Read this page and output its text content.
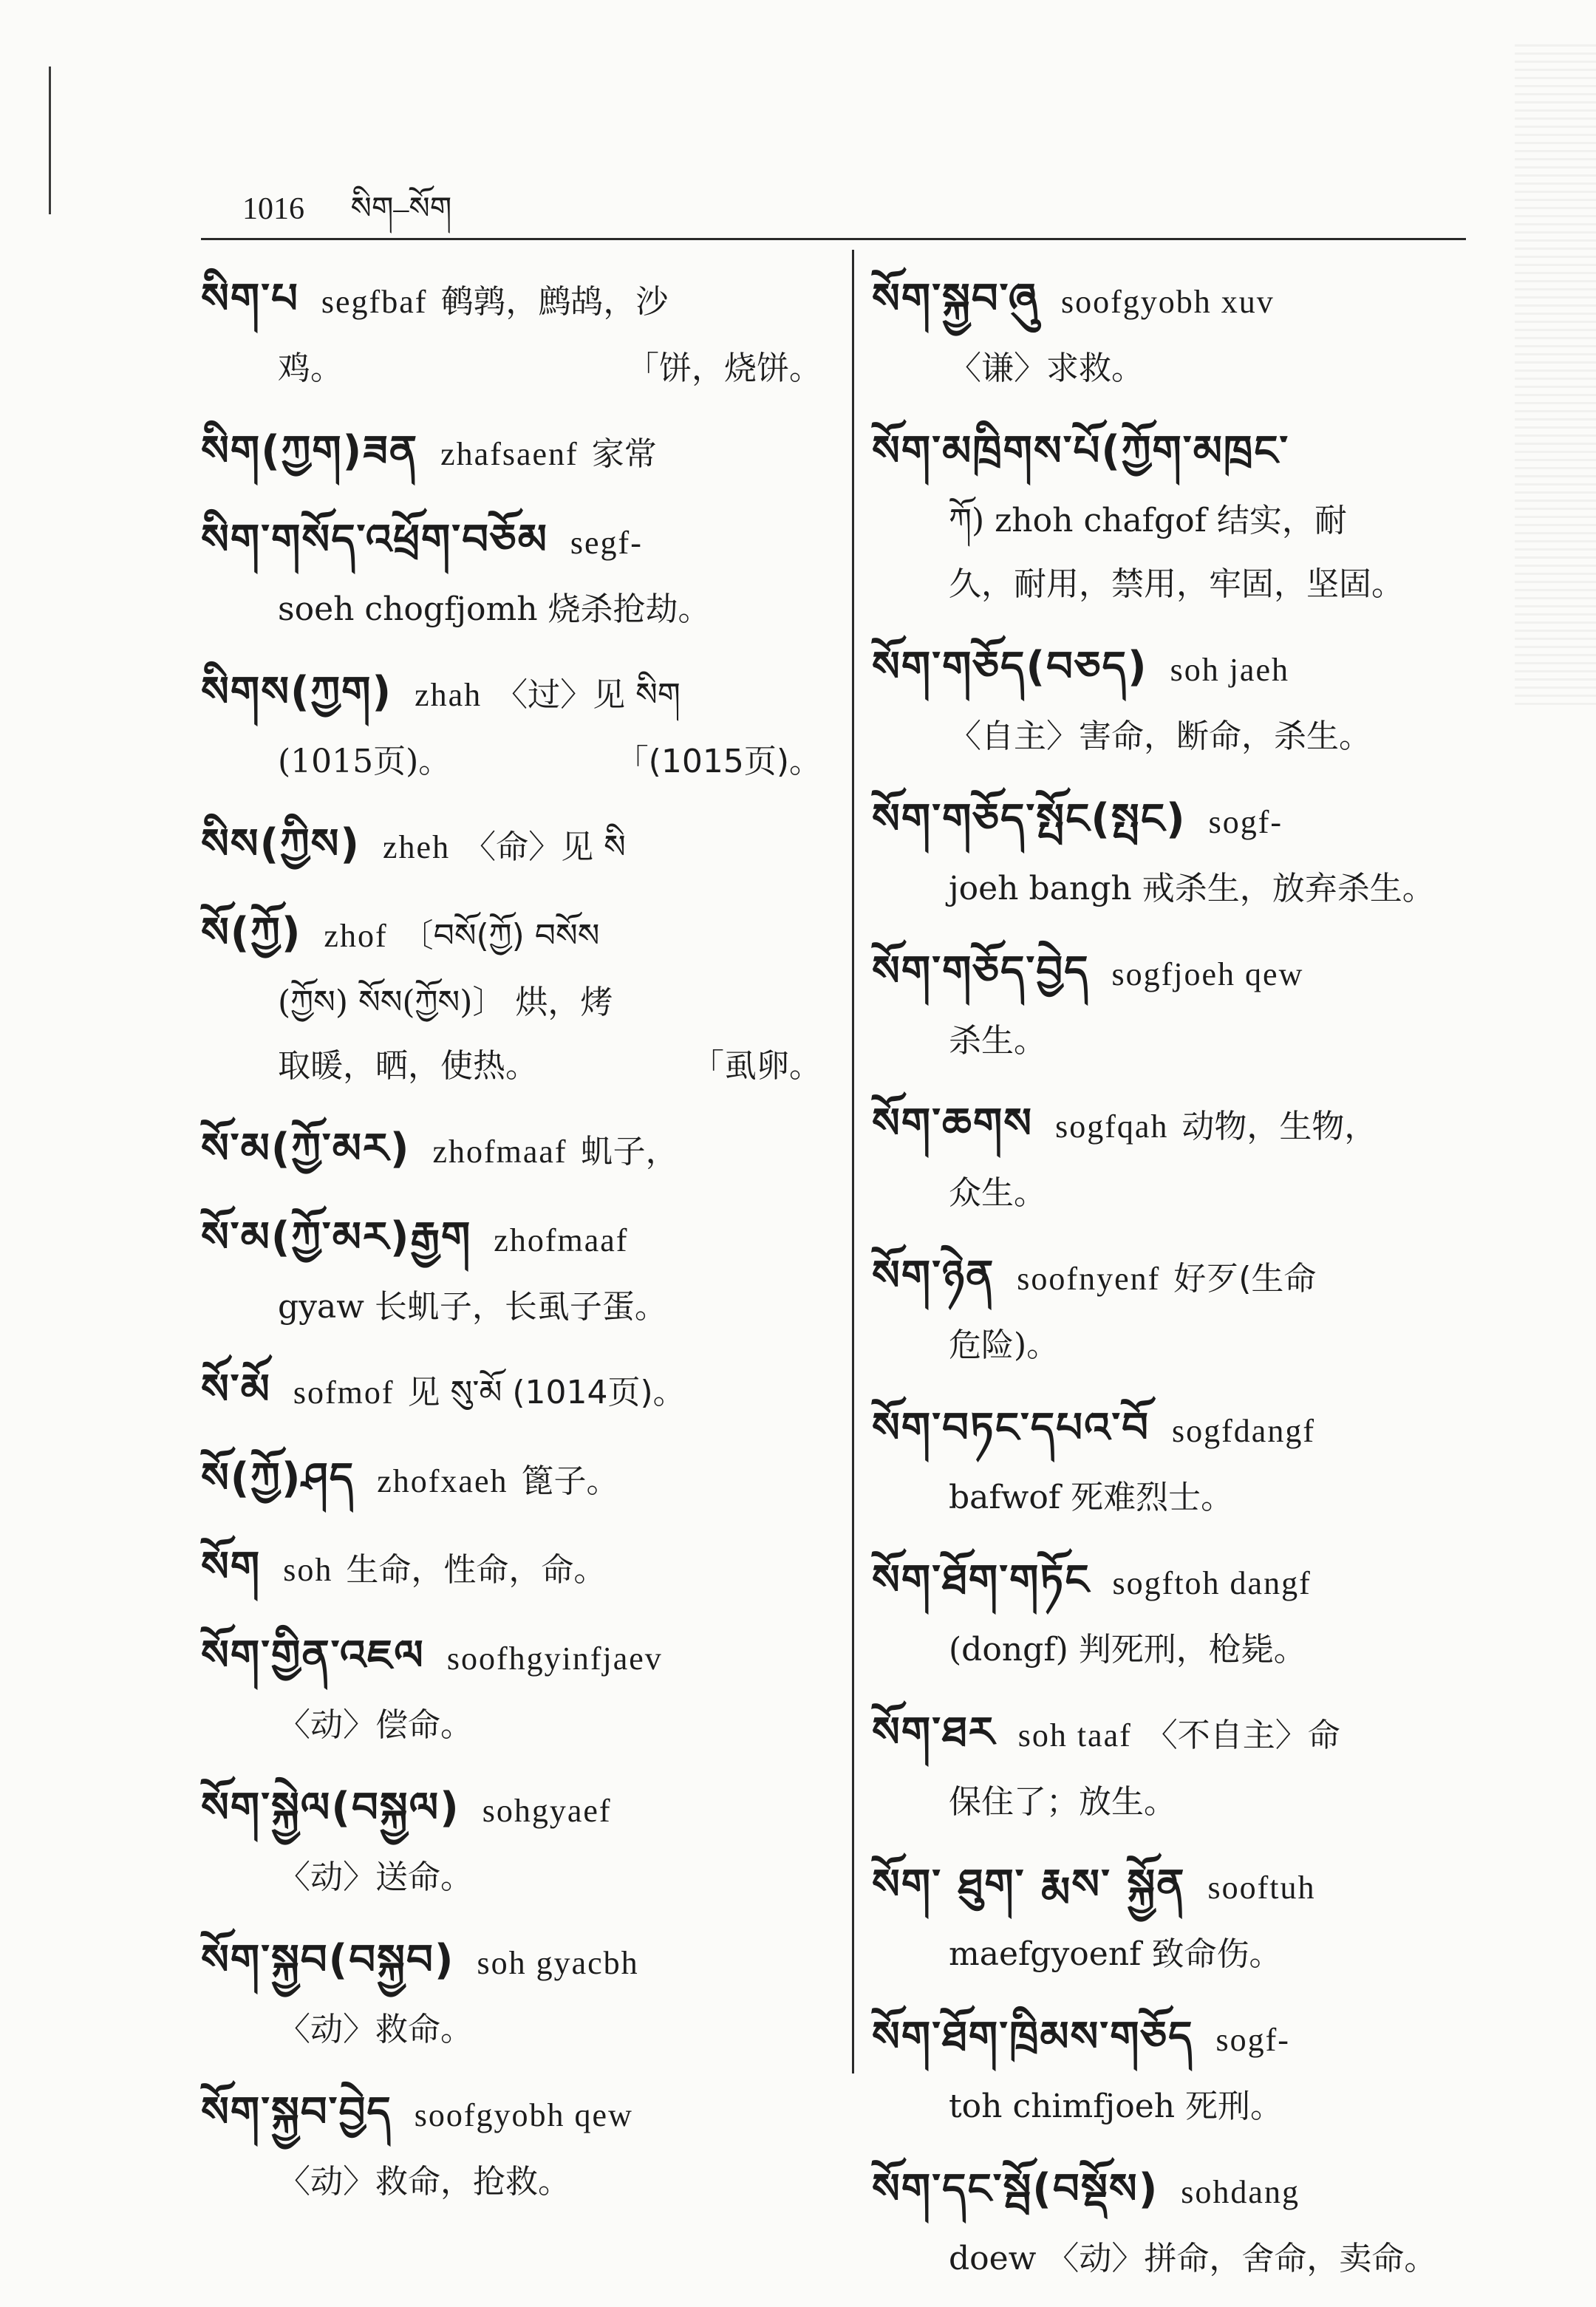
1016 སིག–སོག
སིག་པ segfbaf 鹌鹑，鹧鸪，沙
鸡。	「饼，烧饼。
སིག(ཀྱག)ཟན zhafsaenf 家常
སིག་གསོད་འཕྲོག་བཅོམ segf-
soeh chogfjomh 烧杀抢劫。
སིགས(ཀྱག) zhah 〈过〉见 སིག
(1015页)。	「(1015页)。
སིས(ཀྱིས) zheh 〈命〉见 སི
སོ(ཀྱོ) zhof 〔བསོ(ཀྱོ) བསོས
(ཀྱོས) སོས(ཀྱོས)〕 烘，烤
取暖，晒，使热。	「虱卵。
སོ་མ(ཀྱོ་མར) zhofmaaf 虮子，
སོ་མ(ཀྱོ་མར)རྒྱག zhofmaaf
gyaw 长虮子，长虱子蛋。
སོ་མོ sofmof 见 སུ་མོ (1014页)。
སོ(ཀྱོ)ཤད zhofxaeh 篦子。
སོག soh 生命，性命，命。
སོག་གྱིན་འཇལ soofhgyinfjaev
〈动〉偿命。
སོག་སྐྱེལ(བསྐྱལ) sohgyaef
〈动〉送命。
སོག་སྐྱབ(བསྐྱབ) soh gyacbh
〈动〉救命。
སོག་སྐྱབ་བྱེད soofgyobh qew
〈动〉救命，抢救。
སོག་སྐྱབ་ཞུ soofgyobh xuv
〈谦〉求救。
སོག་མཁྲིགས་པོ(ཀྱོག་མཁྲང་
ཀོ) zhoh chafgof 结实，耐
久，耐用，禁用，牢固，坚固。
སོག་གཅོད(བཅད) soh jaeh
〈自主〉害命，断命，杀生。
སོག་གཅོད་སྤོང(སྤང) sogf-
joeh bangh 戒杀生，放弃杀生。
སོག་གཅོད་བྱེད sogfjoeh qew
杀生。
སོག་ཆགས sogfqah 动物，生物，
众生。
སོག་ཉེན soofnyenf 好歹(生命
危险)。
སོག་བཏང་དཔའ་བོ sogfdangf
bafwof 死难烈士。
སོག་ཐོག་གཏོང sogftoh dangf
(dongf) 判死刑，枪毙。
སོག་ཐར soh taaf 〈不自主〉命
保住了；放生。
སོག་ ཐུག་ རྨས་ སྐྱོན sooftuh
maefgyoenf 致命伤。
སོག་ཐོག་ཁྲིམས་གཅོད sogf-
toh chimfjoeh 死刑。
སོག་དང་སྦོ(བསྡོས) sohdang
doew 〈动〉拼命，舍命，卖命。
